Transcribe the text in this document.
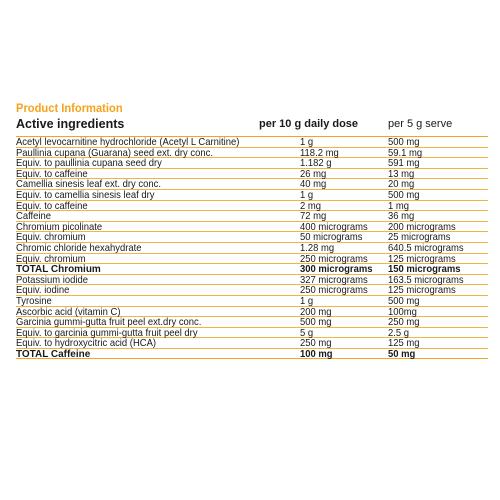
Product Information
Active ingredients	per 10 g daily dose	per 5 g serve
Acetyl levocarnitine hydrochloride (Acetyl L Carnitine)	1 g	500 mg
Paullinia cupana (Guarana) seed ext. dry conc.	118.2 mg	59.1 mg
Equiv. to paullinia cupana seed dry	1.182 g	591 mg
Equiv. to caffeine	26 mg	13 mg
Camellia sinesis leaf ext. dry conc.	40 mg	20 mg
Equiv. to camellia sinesis leaf dry	1 g	500 mg
Equiv. to caffeine	2 mg	1 mg
Caffeine	72 mg	36 mg
Chromium picolinate	400 micrograms 200 micrograms
Equiv. chromium	50 micrograms 25 micrograms
Chromic chloride hexahydrate	1.28 mg	640.5 micrograms
Equiv. chromium	250 micrograms 125 micrograms
TOTAL Chromium	300 micrograms 150 micrograms
Potassium iodide	327 micrograms 163.5 micrograms
Equiv. iodine	250 micrograms 125 micrograms
Tyrosine	1 g	500 mg
Ascorbic acid (vitamin C)	200 mg	100mg
Garcinia gummi-gutta fruit peel ext.dry conc.	500 mg	250 mg
Equiv. to garcinia gummi-gutta fruit peel dry	5 g	2.5 g
Equiv. to hydroxycitric acid (HCA)	250 mg	125 mg
TOTAL Caffeine	100 mg	50 mg
